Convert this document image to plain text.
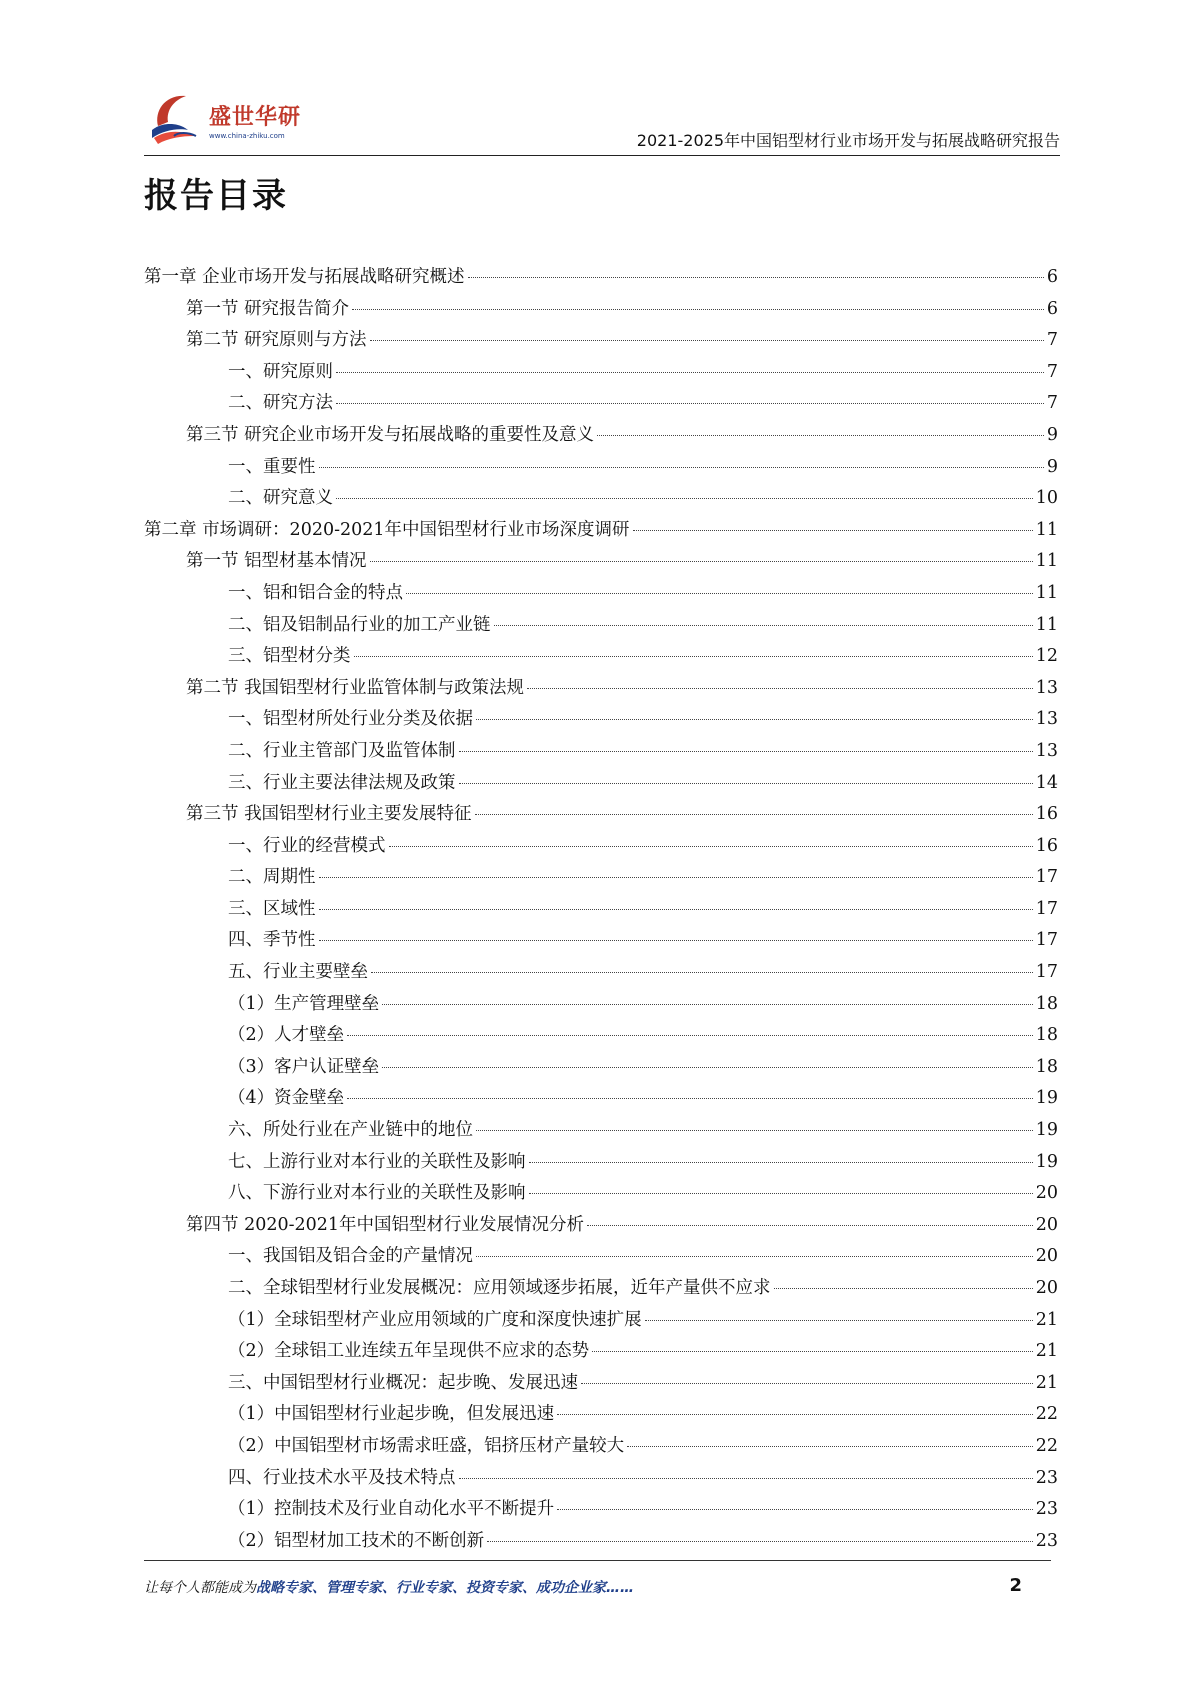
盛世华研
www.china-zhiku.com	2021-2025年中国铝型材行业市场开发与拓展战略研究报告
报告目录
第一章 企业市场开发与拓展战略研究概述	6
第一节 研究报告简介	6
第二节 研究原则与方法	7
一、研究原则	7
二、研究方法	7
第三节 研究企业市场开发与拓展战略的重要性及意义	9
一、重要性	9
二、研究意义	10
第二章 市场调研：2020-2021年中国铝型材行业市场深度调研	11
第一节 铝型材基本情况	11
一、铝和铝合金的特点	11
二、铝及铝制品行业的加工产业链	11
三、铝型材分类	12
第二节 我国铝型材行业监管体制与政策法规	13
一、铝型材所处行业分类及依据	13
二、行业主管部门及监管体制	13
三、行业主要法律法规及政策	14
第三节 我国铝型材行业主要发展特征	16
一、行业的经营模式	16
二、周期性	17
三、区域性	17
四、季节性	17
五、行业主要壁垒	17
（1）生产管理壁垒	18
（2）人才壁垒	18
（3）客户认证壁垒	18
（4）资金壁垒	19
六、所处行业在产业链中的地位	19
七、上游行业对本行业的关联性及影响	19
八、下游行业对本行业的关联性及影响	20
第四节 2020-2021年中国铝型材行业发展情况分析	20
一、我国铝及铝合金的产量情况	20
二、全球铝型材行业发展概况：应用领域逐步拓展，近年产量供不应求	20
（1）全球铝型材产业应用领域的广度和深度快速扩展	21
（2）全球铝工业连续五年呈现供不应求的态势	21
三、中国铝型材行业概况：起步晚、发展迅速	21
（1）中国铝型材行业起步晚，但发展迅速	22
（2）中国铝型材市场需求旺盛，铝挤压材产量较大	22
四、行业技术水平及技术特点	23
（1）控制技术及行业自动化水平不断提升	23
（2）铝型材加工技术的不断创新	23
让每个人都能成为战略专家、管理专家、行业专家、投资专家、成功企业家……	2
